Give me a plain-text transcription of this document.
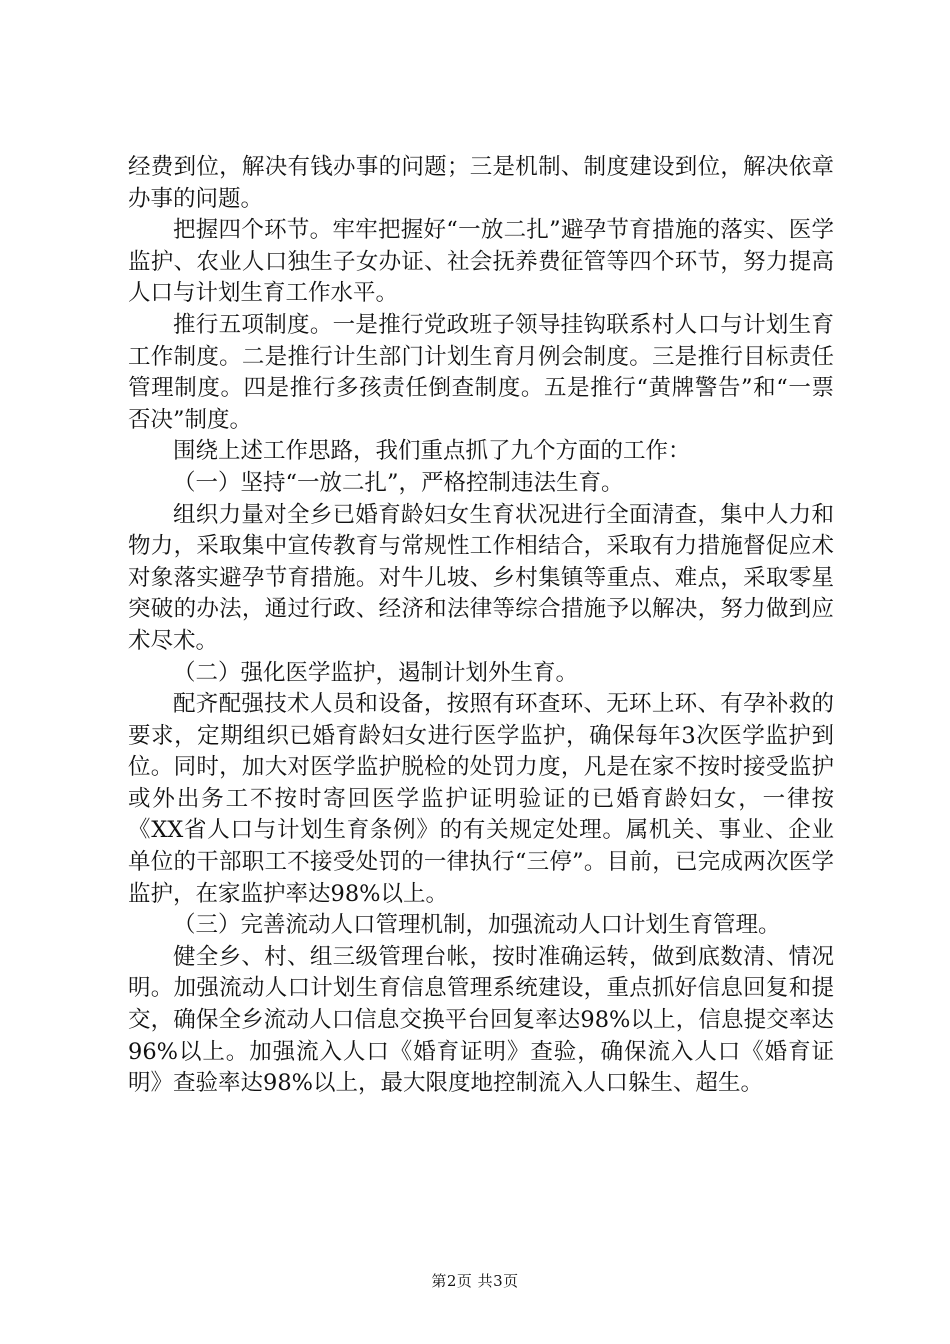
经费到位，解决有钱办事的问题；三是机制、制度建设到位，解决依章办事的问题。

把握四个环节。牢牢把握好“一放二扎”避孕节育措施的落实、医学监护、农业人口独生子女办证、社会抚养费征管等四个环节，努力提高人口与计划生育工作水平。

推行五项制度。一是推行党政班子领导挂钩联系村人口与计划生育工作制度。二是推行计生部门计划生育月例会制度。三是推行目标责任管理制度。四是推行多孩责任倒查制度。五是推行“黄牌警告”和“一票否决”制度。

围绕上述工作思路，我们重点抓了九个方面的工作：

（一）坚持“一放二扎”，严格控制违法生育。

组织力量对全乡已婚育龄妇女生育状况进行全面清查，集中人力和物力，采取集中宣传教育与常规性工作相结合，采取有力措施督促应术对象落实避孕节育措施。对牛儿坡、乡村集镇等重点、难点，采取零星突破的办法，通过行政、经济和法律等综合措施予以解决，努力做到应术尽术。

（二）强化医学监护，遏制计划外生育。

配齐配强技术人员和设备，按照有环查环、无环上环、有孕补救的要求，定期组织已婚育龄妇女进行医学监护，确保每年3次医学监护到位。同时，加大对医学监护脱检的处罚力度，凡是在家不按时接受监护或外出务工不按时寄回医学监护证明验证的已婚育龄妇女，一律按《XX省人口与计划生育条例》的有关规定处理。属机关、事业、企业单位的干部职工不接受处罚的一律执行“三停”。目前，已完成两次医学监护，在家监护率达98%以上。

（三）完善流动人口管理机制，加强流动人口计划生育管理。

健全乡、村、组三级管理台帐，按时准确运转，做到底数清、情况明。加强流动人口计划生育信息管理系统建设，重点抓好信息回复和提交，确保全乡流动人口信息交换平台回复率达98%以上，信息提交率达96%以上。加强流入人口《婚育证明》查验，确保流入人口《婚育证明》查验率达98%以上，最大限度地控制流入人口躲生、超生。

第2页 共3页
